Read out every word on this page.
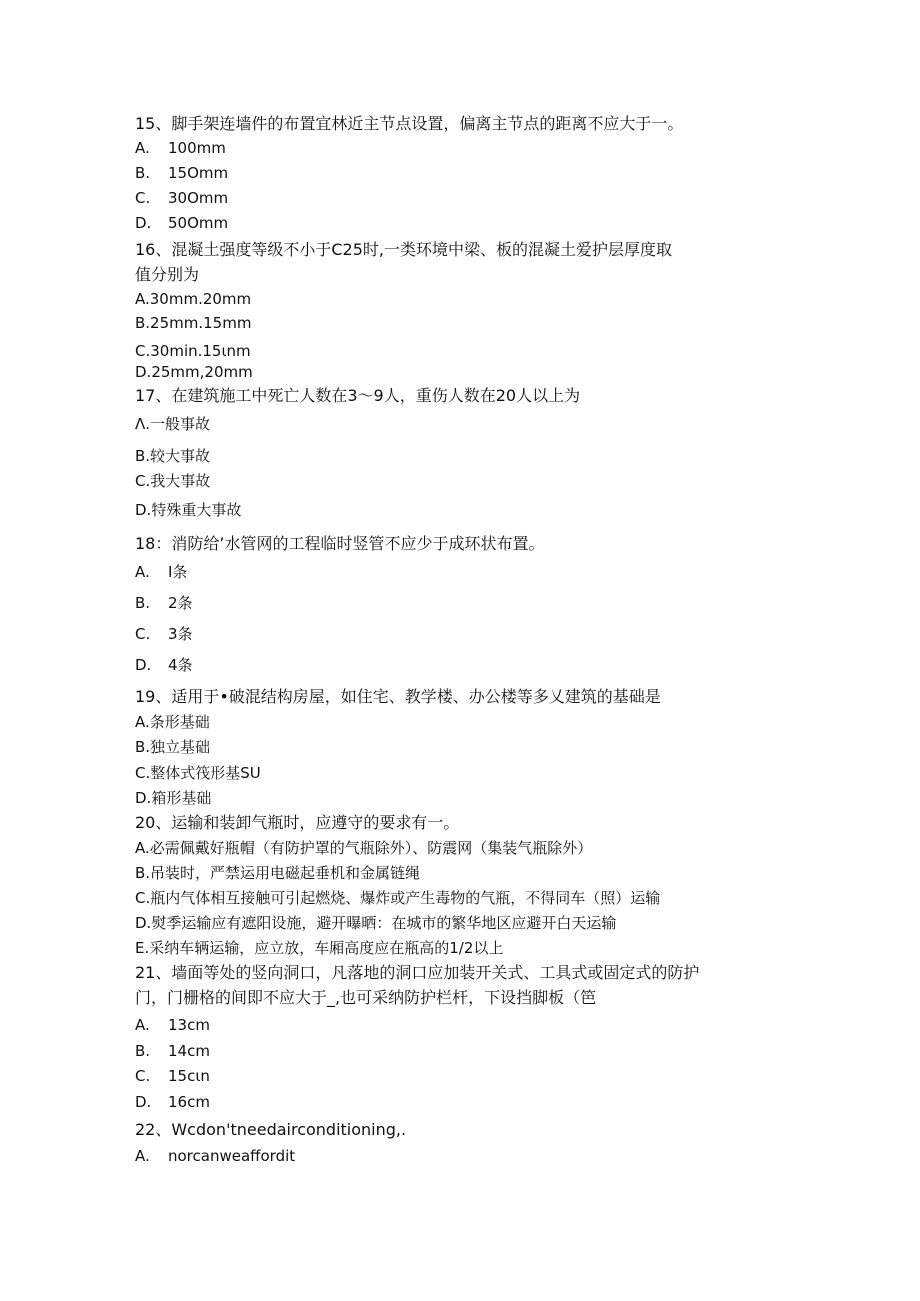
15、脚手架连墙件的布置宜林近主节点设置，偏离主节点的距离不应大于一。
A. 100mm
B. 15Omm
C. 30Omm
D. 50Omm
16、混凝土强度等级不小于C25时,一类环境中梁、板的混凝土爱护层厚度取
值分别为
A.30mm.20mm
B.25mm.15mm
C.30min.15ιnm
D.25mm,20mm
17、在建筑施工中死亡人数在3～9人，重伤人数在20人以上为
Λ.一般事故
B.较大事故
C.我大事故
D.特殊重大事故
18：消防给’水管网的工程临时竖管不应少于成环状布置。
A. I条
B. 2条
C. 3条
D. 4条
19、适用于•破混结构房屋，如住宅、教学楼、办公楼等多乂建筑的基础是
A.条形基础
B.独立基础
C.整体式筏形基SU
D.箱形基础
20、运输和装卸气瓶时，应遵守的要求有一。
A.必需佩戴好瓶帽（有防护罩的气瓶除外）、防震网（集装气瓶除外）
B.吊装时，严禁运用电磁起垂机和金属链绳
C.瓶内气体相互接触可引起燃烧、爆炸或产生毒物的气瓶，不得同车（照）运输
D.熨季运输应有遮阳设施，避开曝晒：在城市的繁华地区应避开白天运输
E.采纳车辆运输，应立放，车厢高度应在瓶高的1/2以上
21、墙面等处的竖向洞口，凡落地的洞口应加装开关式、工具式或固定式的防护
门，门栅格的间即不应大于_,也可采纳防护栏杆，下设挡脚板（笆
A. 13cm
B. 14cm
C. 15cιn
D. 16cm
22、Wcdon'tneedairconditioning,.
A. norcanweaffordit
